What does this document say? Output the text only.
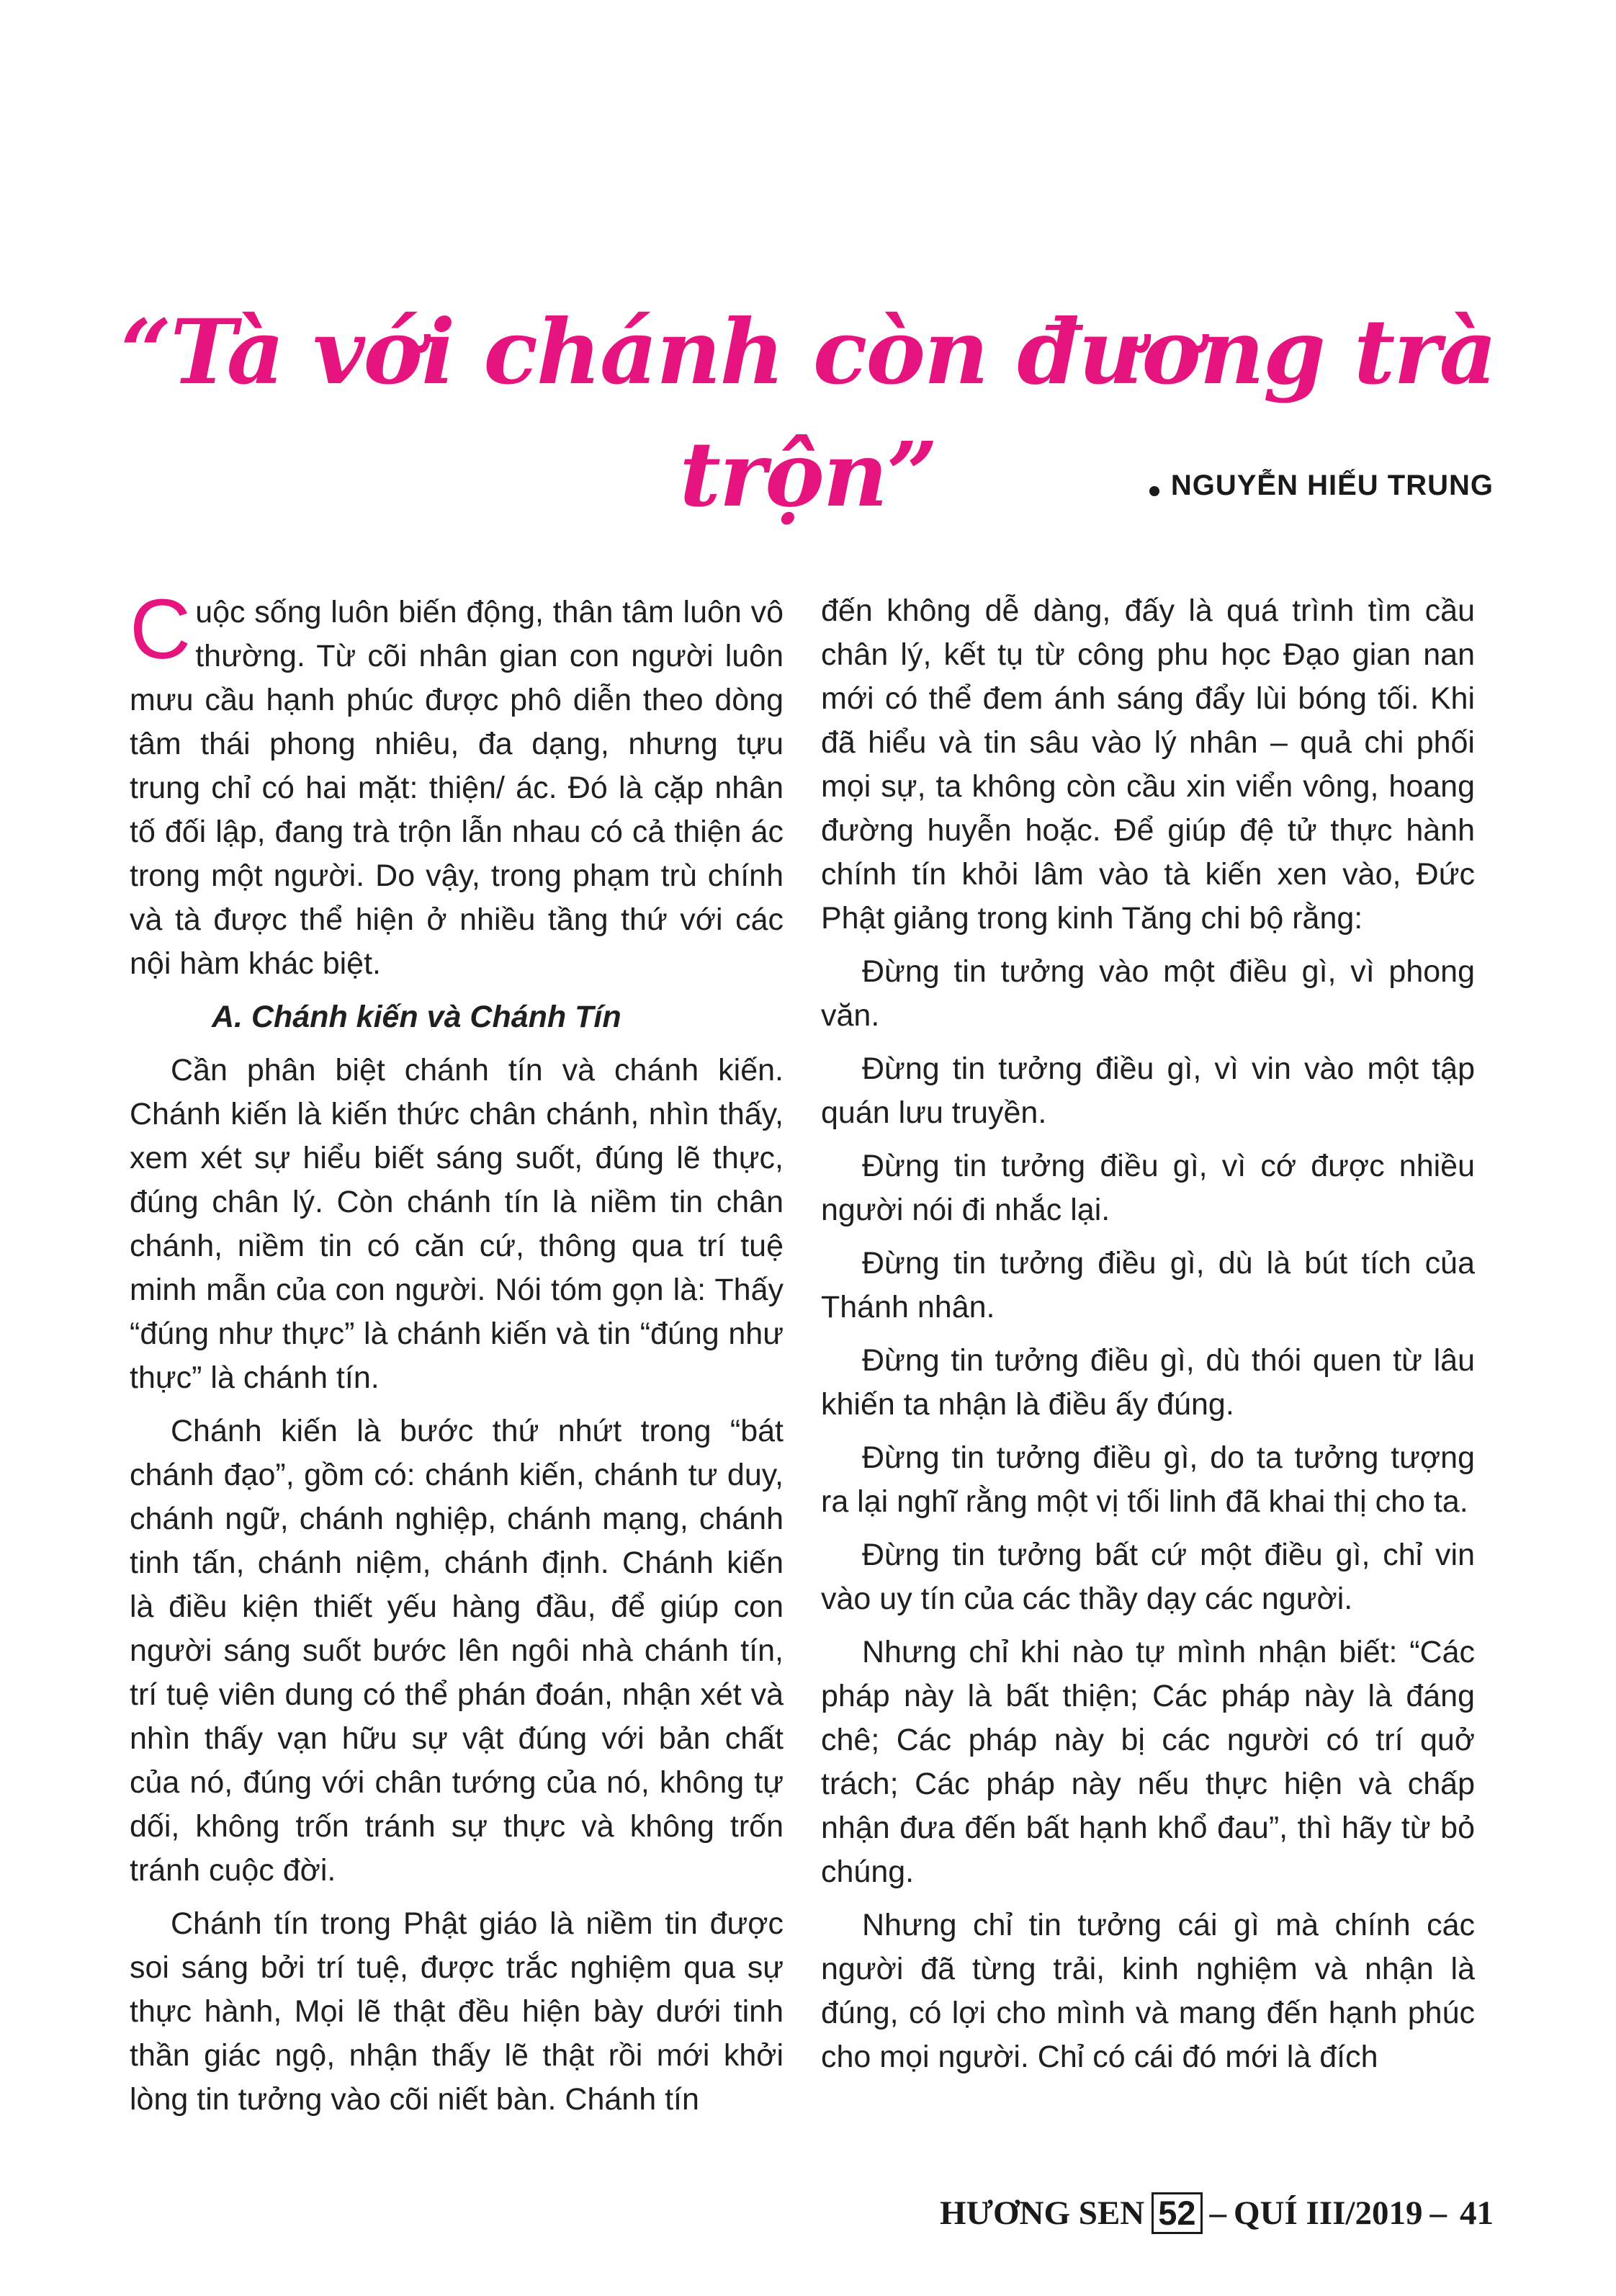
“Tà với chánh còn đương trà trộn”	NGUYỄN HIẾU TRUNG

Cuộc sống luôn biến động, thân tâm luôn vô thường. Từ cõi nhân gian con người luôn mưu cầu hạnh phúc được phô diễn theo dòng tâm thái phong nhiêu, đa dạng, nhưng tựu trung chỉ có hai mặt: thiện/ ác. Đó là cặp nhân tố đối lập, đang trà trộn lẫn nhau có cả thiện ác trong một người. Do vậy, trong phạm trù chính và tà được thể hiện ở nhiều tầng thứ với các nội hàm khác biệt.

A. Chánh kiến và Chánh Tín

Cần phân biệt chánh tín và chánh kiến. Chánh kiến là kiến thức chân chánh, nhìn thấy, xem xét sự hiểu biết sáng suốt, đúng lẽ thực, đúng chân lý. Còn chánh tín là niềm tin chân chánh, niềm tin có căn cứ, thông qua trí tuệ minh mẫn của con người. Nói tóm gọn là: Thấy “đúng như thực” là chánh kiến và tin “đúng như thực” là chánh tín.

Chánh kiến là bước thứ nhứt trong “bát chánh đạo”, gồm có: chánh kiến, chánh tư duy, chánh ngữ, chánh nghiệp, chánh mạng, chánh tinh tấn, chánh niệm, chánh định. Chánh kiến là điều kiện thiết yếu hàng đầu, để giúp con người sáng suốt bước lên ngôi nhà chánh tín, trí tuệ viên dung có thể phán đoán, nhận xét và nhìn thấy vạn hữu sự vật đúng với bản chất của nó, đúng với chân tướng của nó, không tự dối, không trốn tránh sự thực và không trốn tránh cuộc đời.

Chánh tín trong Phật giáo là niềm tin được soi sáng bởi trí tuệ, được trắc nghiệm qua sự thực hành, Mọi lẽ thật đều hiện bày dưới tinh thần giác ngộ, nhận thấy lẽ thật rồi mới khởi lòng tin tưởng vào cõi niết bàn. Chánh tín

đến không dễ dàng, đấy là quá trình tìm cầu chân lý, kết tụ từ công phu học Đạo gian nan mới có thể đem ánh sáng đẩy lùi bóng tối. Khi đã hiểu và tin sâu vào lý nhân – quả chi phối mọi sự, ta không còn cầu xin viển vông, hoang đường huyễn hoặc. Để giúp đệ tử thực hành chính tín khỏi lâm vào tà kiến xen vào, Đức Phật giảng trong kinh Tăng chi bộ rằng:

Đừng tin tưởng vào một điều gì, vì phong văn.

Đừng tin tưởng điều gì, vì vin vào một tập quán lưu truyền.

Đừng tin tưởng điều gì, vì cớ được nhiều người nói đi nhắc lại.

Đừng tin tưởng điều gì, dù là bút tích của Thánh nhân.

Đừng tin tưởng điều gì, dù thói quen từ lâu khiến ta nhận là điều ấy đúng.

Đừng tin tưởng điều gì, do ta tưởng tượng ra lại nghĩ rằng một vị tối linh đã khai thị cho ta.

Đừng tin tưởng bất cứ một điều gì, chỉ vin vào uy tín của các thầy dạy các người.

Nhưng chỉ khi nào tự mình nhận biết: “Các pháp này là bất thiện; Các pháp này là đáng chê; Các pháp này bị các người có trí quở trách; Các pháp này nếu thực hiện và chấp nhận đưa đến bất hạnh khổ đau”, thì hãy từ bỏ chúng.

Nhưng chỉ tin tưởng cái gì mà chính các người đã từng trải, kinh nghiệm và nhận là đúng, có lợi cho mình và mang đến hạnh phúc cho mọi người. Chỉ có cái đó mới là đích

HƯƠNG SEN 52 – QUÍ III/2019 – 41
